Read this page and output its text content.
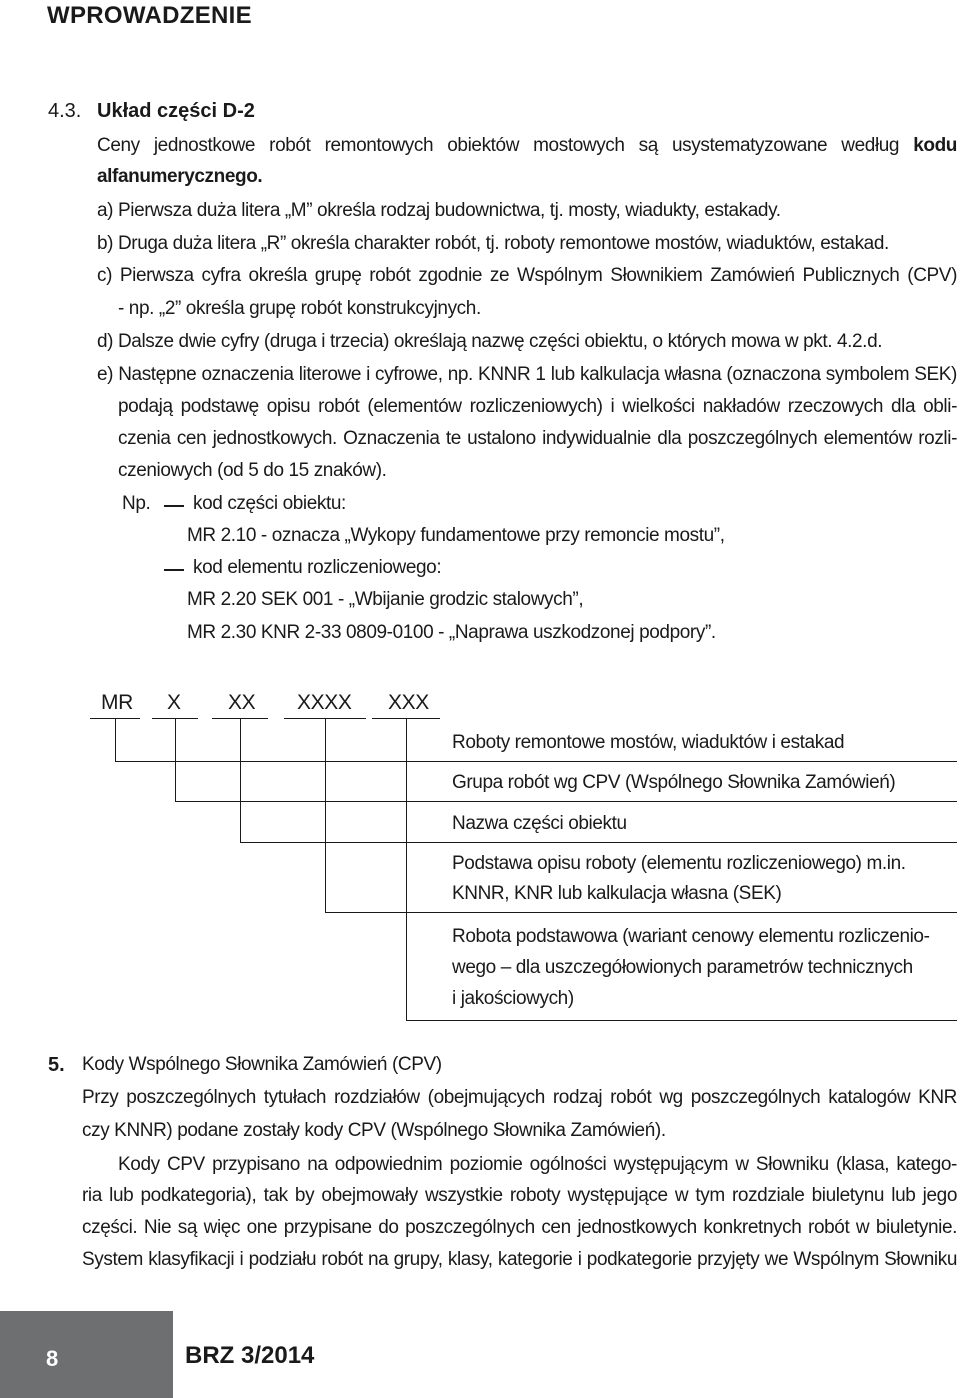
WPROWADZENIE
4.3. Układ części D-2
Ceny jednostkowe robót remontowych obiektów mostowych są usystematyzowane według kodu
alfanumerycznego.
a) Pierwsza duża litera „M” określa rodzaj budownictwa, tj. mosty, wiadukty, estakady.
b) Druga duża litera „R” określa charakter robót, tj. roboty remontowe mostów, wiaduktów, estakad.
c) Pierwsza cyfra określa grupę robót zgodnie ze Wspólnym Słownikiem Zamówień Publicznych (CPV)
- np. „2” określa grupę robót konstrukcyjnych.
d) Dalsze dwie cyfry (druga i trzecia) określają nazwę części obiektu, o których mowa w pkt. 4.2.d.
e) Następne oznaczenia literowe i cyfrowe, np. KNNR 1 lub kalkulacja własna (oznaczona symbolem SEK)
podają podstawę opisu robót (elementów rozliczeniowych) i wielkości nakładów rzeczowych dla obli-
czenia cen jednostkowych. Oznaczenia te ustalono indywidualnie dla poszczególnych elementów rozli-
czeniowych (od 5 do 15 znaków).
Np. kod części obiektu:
MR 2.10 - oznacza „Wykopy fundamentowe przy remoncie mostu”,
kod elementu rozliczeniowego:
MR 2.20 SEK 001 - „Wbijanie grodzic stalowych”,
MR 2.30 KNR 2-33 0809-0100 - „Naprawa uszkodzonej podpory”.
MR X XX XXXX XXX
Roboty remontowe mostów, wiaduktów i estakad
Grupa robót wg CPV (Wspólnego Słownika Zamówień)
Nazwa części obiektu
Podstawa opisu roboty (elementu rozliczeniowego) m.in.
KNNR, KNR lub kalkulacja własna (SEK)
Robota podstawowa (wariant cenowy elementu rozliczenio-
wego – dla uszczegółowionych parametrów technicznych
i jakościowych)
5. Kody Wspólnego Słownika Zamówień (CPV)
Przy poszczególnych tytułach rozdziałów (obejmujących rodzaj robót wg poszczególnych katalogów KNR
czy KNNR) podane zostały kody CPV (Wspólnego Słownika Zamówień).
Kody CPV przypisano na odpowiednim poziomie ogólności występującym w Słowniku (klasa, katego-
ria lub podkategoria), tak by obejmowały wszystkie roboty występujące w tym rozdziale biuletynu lub jego
części. Nie są więc one przypisane do poszczególnych cen jednostkowych konkretnych robót w biuletynie.
System klasyfikacji i podziału robót na grupy, klasy, kategorie i podkategorie przyjęty we Wspólnym Słowniku
8	BRZ 3/2014
